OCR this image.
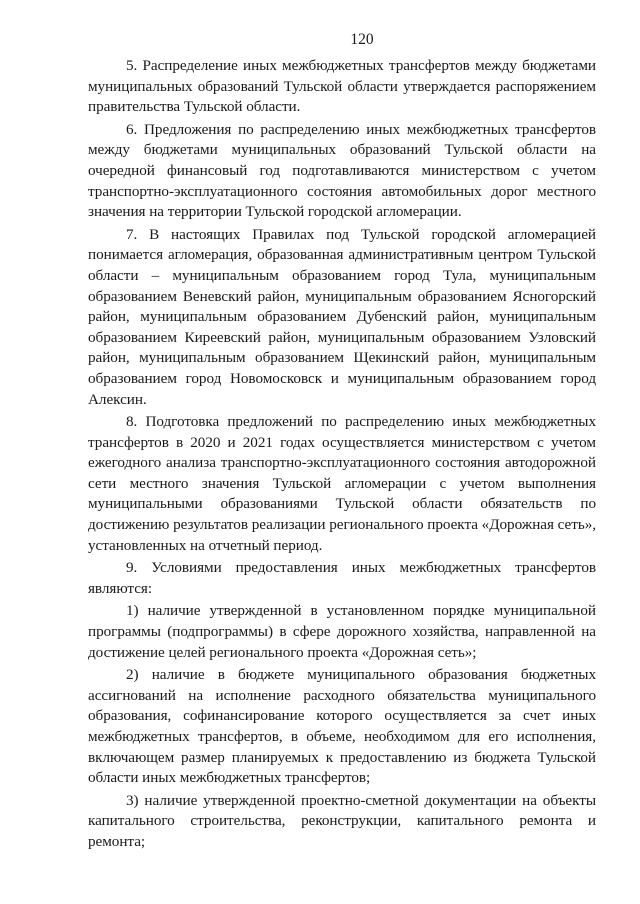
120

5. Распределение иных межбюджетных трансфертов между бюджетами муниципальных образований Тульской области утверждается распоряжением правительства Тульской области.

6. Предложения по распределению иных межбюджетных трансфертов между бюджетами муниципальных образований Тульской области на очередной финансовый год подготавливаются министерством с учетом транспортно-эксплуатационного состояния автомобильных дорог местного значения на территории Тульской городской агломерации.

7. В настоящих Правилах под Тульской городской агломерацией понимается агломерация, образованная административным центром Тульской области – муниципальным образованием город Тула, муниципальным образованием Веневский район, муниципальным образованием Ясногорский район, муниципальным образованием Дубенский район, муниципальным образованием Киреевский район, муниципальным образованием Узловский район, муниципальным образованием Щекинский район, муниципальным образованием город Новомосковск и муниципальным образованием город Алексин.

8. Подготовка предложений по распределению иных межбюджетных трансфертов в 2020 и 2021 годах осуществляется министерством с учетом ежегодного анализа транспортно-эксплуатационного состояния автодорожной сети местного значения Тульской агломерации с учетом выполнения муниципальными образованиями Тульской области обязательств по достижению результатов реализации регионального проекта «Дорожная сеть», установленных на отчетный период.

9. Условиями предоставления иных межбюджетных трансфертов являются:

1) наличие утвержденной в установленном порядке муниципальной программы (подпрограммы) в сфере дорожного хозяйства, направленной на достижение целей регионального проекта «Дорожная сеть»;

2) наличие в бюджете муниципального образования бюджетных ассигнований на исполнение расходного обязательства муниципального образования, софинансирование которого осуществляется за счет иных межбюджетных трансфертов, в объеме, необходимом для его исполнения, включающем размер планируемых к предоставлению из бюджета Тульской области иных межбюджетных трансфертов;

3) наличие утвержденной проектно-сметной документации на объекты капитального строительства, реконструкции, капитального ремонта и ремонта;
